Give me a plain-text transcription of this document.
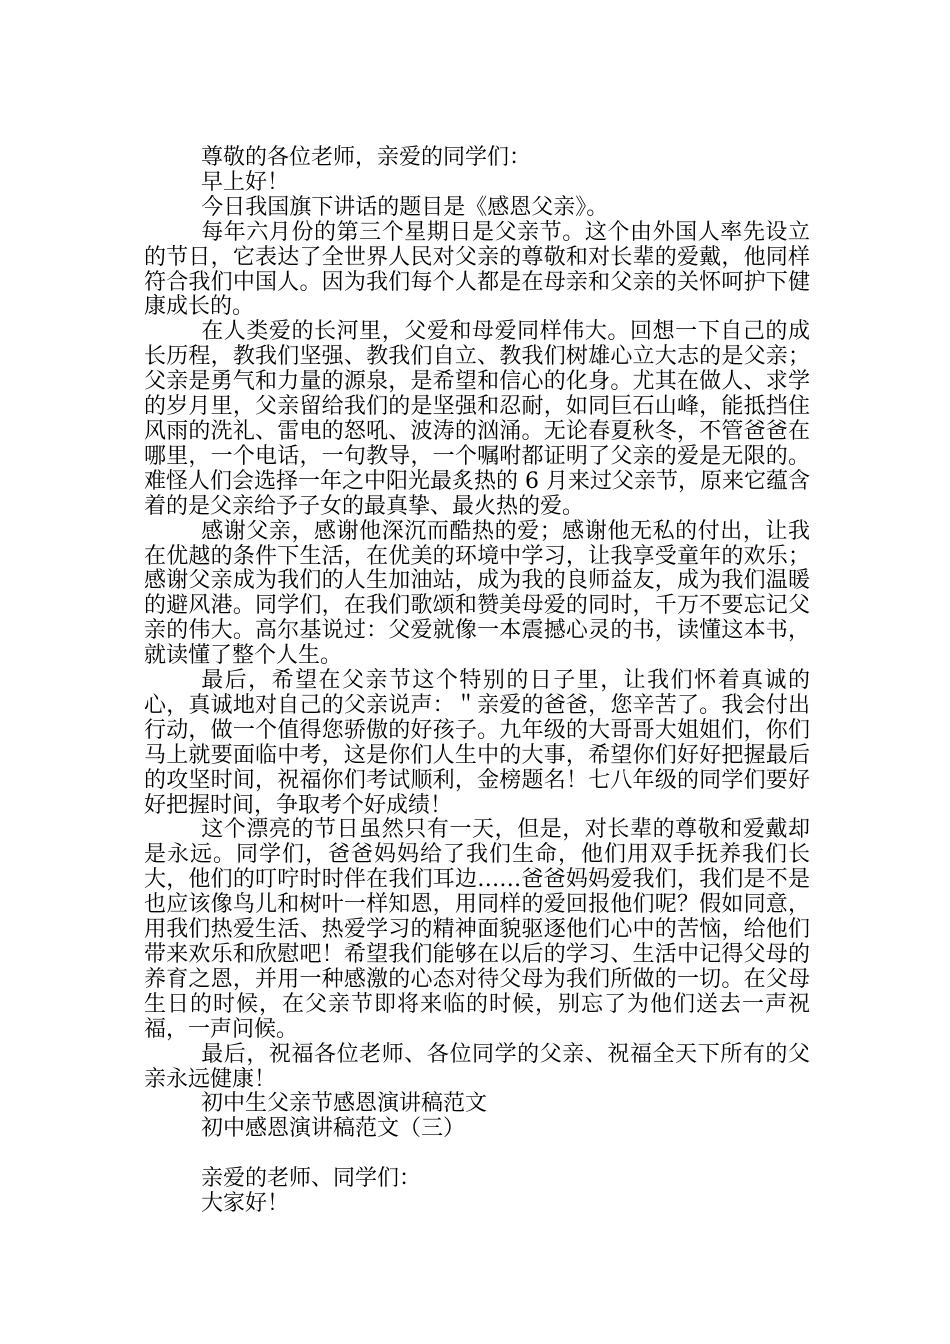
尊敬的各位老师，亲爱的同学们：

早上好！

今日我国旗下讲话的题目是《感恩父亲》。

每年六月份的第三个星期日是父亲节。这个由外国人率先设立的节日，它表达了全世界人民对父亲的尊敬和对长辈的爱戴，他同样符合我们中国人。因为我们每个人都是在母亲和父亲的关怀呵护下健康成长的。

在人类爱的长河里，父爱和母爱同样伟大。回想一下自己的成长历程，教我们坚强、教我们自立、教我们树雄心立大志的是父亲；父亲是勇气和力量的源泉，是希望和信心的化身。尤其在做人、求学的岁月里，父亲留给我们的是坚强和忍耐，如同巨石山峰，能抵挡住风雨的洗礼、雷电的怒吼、波涛的汹涌。无论春夏秋冬，不管爸爸在哪里，一个电话，一句教导，一个嘱咐都证明了父亲的爱是无限的。难怪人们会选择一年之中阳光最炙热的 6 月来过父亲节，原来它蕴含着的是父亲给予子女的最真挚、最火热的爱。

感谢父亲，感谢他深沉而酷热的爱；感谢他无私的付出，让我在优越的条件下生活，在优美的环境中学习，让我享受童年的欢乐；感谢父亲成为我们的人生加油站，成为我的良师益友，成为我们温暖的避风港。同学们，在我们歌颂和赞美母爱的同时，千万不要忘记父亲的伟大。高尔基说过：父爱就像一本震撼心灵的书，读懂这本书，就读懂了整个人生。

最后，希望在父亲节这个特别的日子里，让我们怀着真诚的心，真诚地对自己的父亲说声：＂亲爱的爸爸，您辛苦了。我会付出行动，做一个值得您骄傲的好孩子。九年级的大哥哥大姐姐们，你们马上就要面临中考，这是你们人生中的大事，希望你们好好把握最后的攻坚时间，祝福你们考试顺利，金榜题名！七八年级的同学们要好好把握时间，争取考个好成绩！

这个漂亮的节日虽然只有一天，但是，对长辈的尊敬和爱戴却是永远。同学们，爸爸妈妈给了我们生命，他们用双手抚养我们长大，他们的叮咛时时伴在我们耳边……爸爸妈妈爱我们，我们是不是也应该像鸟儿和树叶一样知恩，用同样的爱回报他们呢？假如同意，用我们热爱生活、热爱学习的精神面貌驱逐他们心中的苦恼，给他们带来欢乐和欣慰吧！希望我们能够在以后的学习、生活中记得父母的养育之恩，并用一种感激的心态对待父母为我们所做的一切。在父母生日的时候，在父亲节即将来临的时候，别忘了为他们送去一声祝福，一声问候。

最后，祝福各位老师、各位同学的父亲、祝福全天下所有的父亲永远健康！

初中生父亲节感恩演讲稿范文

初中感恩演讲稿范文（三）

亲爱的老师、同学们：

大家好！
